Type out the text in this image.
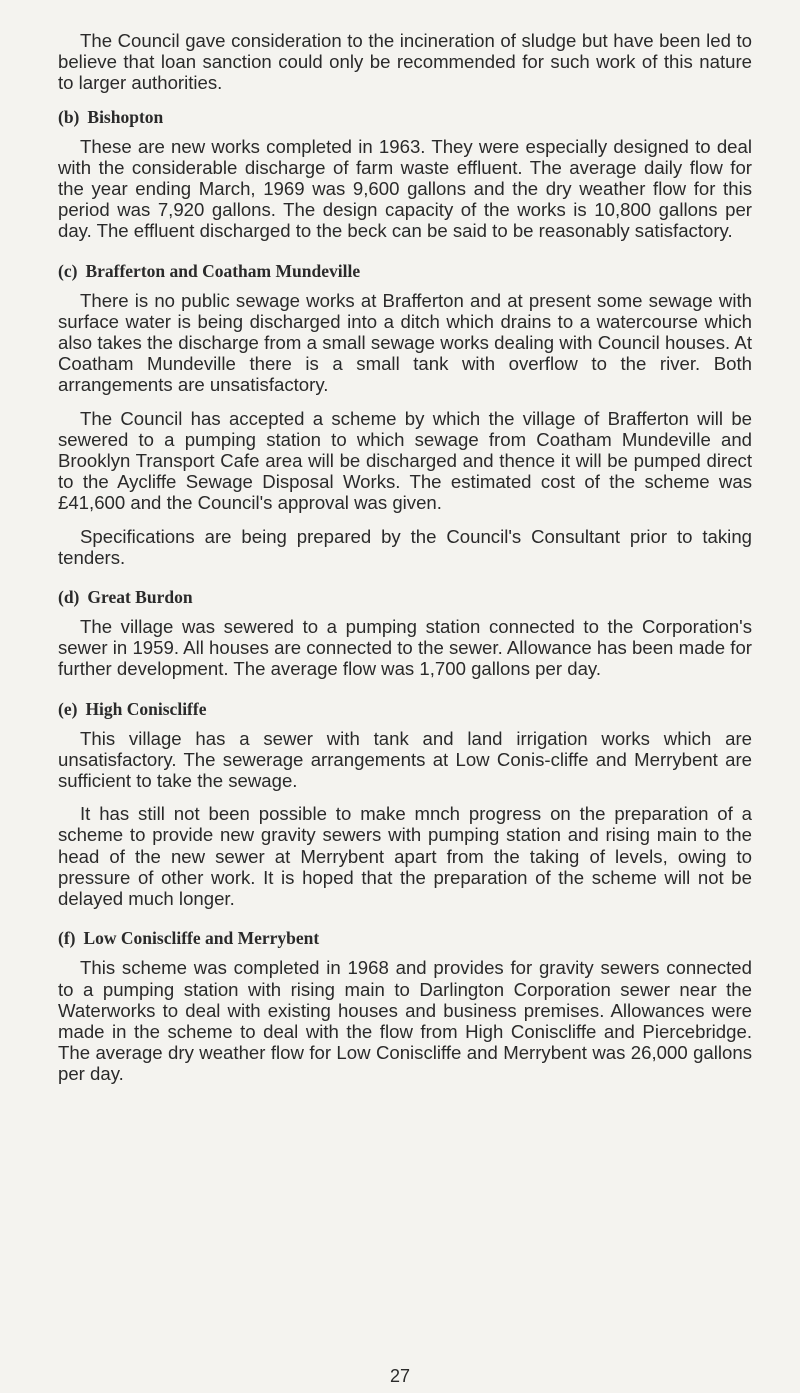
The Council gave consideration to the incineration of sludge but have been led to believe that loan sanction could only be recommended for such work of this nature to larger authorities.

(b) Bishopton

These are new works completed in 1963. They were especially designed to deal with the considerable discharge of farm waste effluent. The average daily flow for the year ending March, 1969 was 9,600 gallons and the dry weather flow for this period was 7,920 gallons. The design capacity of the works is 10,800 gallons per day. The effluent discharged to the beck can be said to be reasonably satisfactory.

(c) Brafferton and Coatham Mundeville

There is no public sewage works at Brafferton and at present some sewage with surface water is being discharged into a ditch which drains to a watercourse which also takes the discharge from a small sewage works dealing with Council houses. At Coatham Mundeville there is a small tank with overflow to the river. Both arrangements are unsatisfactory.

The Council has accepted a scheme by which the village of Brafferton will be sewered to a pumping station to which sewage from Coatham Mundeville and Brooklyn Transport Cafe area will be discharged and thence it will be pumped direct to the Aycliffe Sewage Disposal Works. The estimated cost of the scheme was £41,600 and the Council's approval was given.

Specifications are being prepared by the Council's Consultant prior to taking tenders.

(d) Great Burdon

The village was sewered to a pumping station connected to the Corporation's sewer in 1959. All houses are connected to the sewer. Allowance has been made for further development. The average flow was 1,700 gallons per day.

(e) High Coniscliffe

This village has a sewer with tank and land irrigation works which are unsatisfactory. The sewerage arrangements at Low Conis-cliffe and Merrybent are sufficient to take the sewage.

It has still not been possible to make mnch progress on the preparation of a scheme to provide new gravity sewers with pumping station and rising main to the head of the new sewer at Merrybent apart from the taking of levels, owing to pressure of other work. It is hoped that the preparation of the scheme will not be delayed much longer.

(f) Low Coniscliffe and Merrybent

This scheme was completed in 1968 and provides for gravity sewers connected to a pumping station with rising main to Darlington Corporation sewer near the Waterworks to deal with existing houses and business premises. Allowances were made in the scheme to deal with the flow from High Coniscliffe and Piercebridge. The average dry weather flow for Low Coniscliffe and Merrybent was 26,000 gallons per day.

27
